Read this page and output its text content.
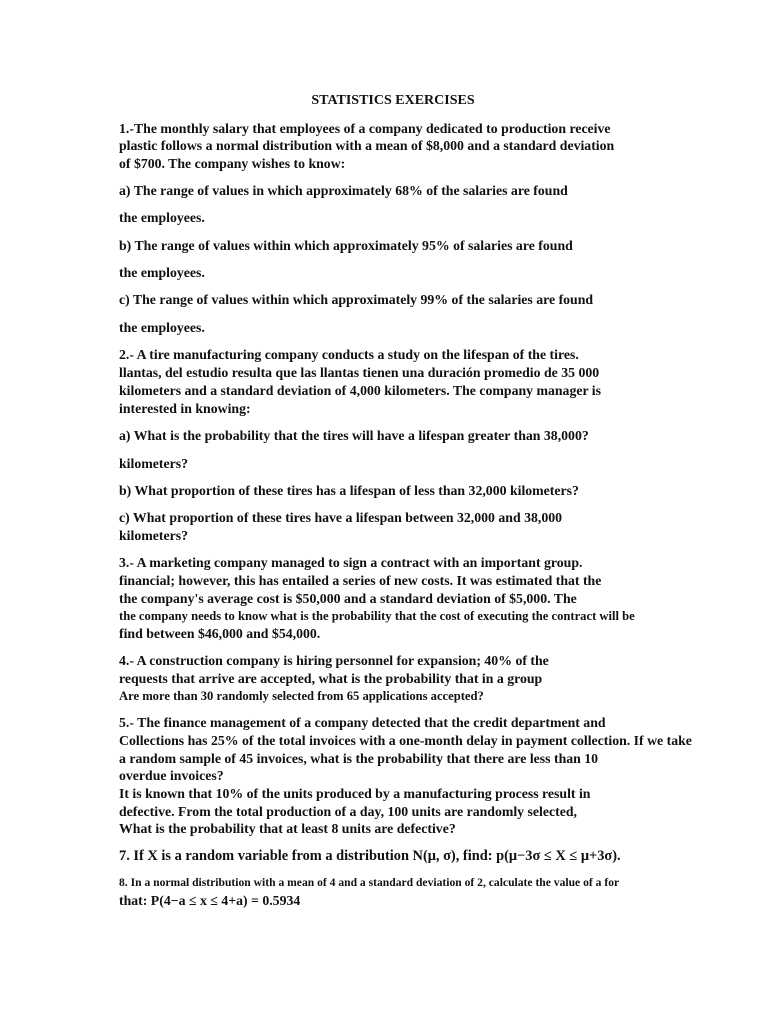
STATISTICS EXERCISES

1.-The monthly salary that employees of a company dedicated to production receive

plastic follows a normal distribution with a mean of $8,000 and a standard deviation

of $700. The company wishes to know:

a) The range of values in which approximately 68% of the salaries are found

the employees.

b) The range of values within which approximately 95% of salaries are found

the employees.

c) The range of values within which approximately 99% of the salaries are found

the employees.

2.- A tire manufacturing company conducts a study on the lifespan of the tires.

llantas, del estudio resulta que las llantas tienen una duración promedio de 35 000

kilometers and a standard deviation of 4,000 kilometers. The company manager is

interested in knowing:

a) What is the probability that the tires will have a lifespan greater than 38,000?

kilometers?

b) What proportion of these tires has a lifespan of less than 32,000 kilometers?

c) What proportion of these tires have a lifespan between 32,000 and 38,000

kilometers?

3.- A marketing company managed to sign a contract with an important group.

financial; however, this has entailed a series of new costs. It was estimated that the

the company's average cost is $50,000 and a standard deviation of $5,000. The

the company needs to know what is the probability that the cost of executing the contract will be

find between $46,000 and $54,000.

4.- A construction company is hiring personnel for expansion; 40% of the

requests that arrive are accepted, what is the probability that in a group

Are more than 30 randomly selected from 65 applications accepted?

5.- The finance management of a company detected that the credit department and

Collections has 25% of the total invoices with a one-month delay in payment collection. If we take

a random sample of 45 invoices, what is the probability that there are less than 10

overdue invoices?

It is known that 10% of the units produced by a manufacturing process result in

defective. From the total production of a day, 100 units are randomly selected,

What is the probability that at least 8 units are defective?

7. If X is a random variable from a distribution N(μ, σ), find: p(μ−3σ ≤ X ≤ μ+3σ).

8. In a normal distribution with a mean of 4 and a standard deviation of 2, calculate the value of a for

that: P(4−a ≤ x ≤ 4+a) = 0.5934
